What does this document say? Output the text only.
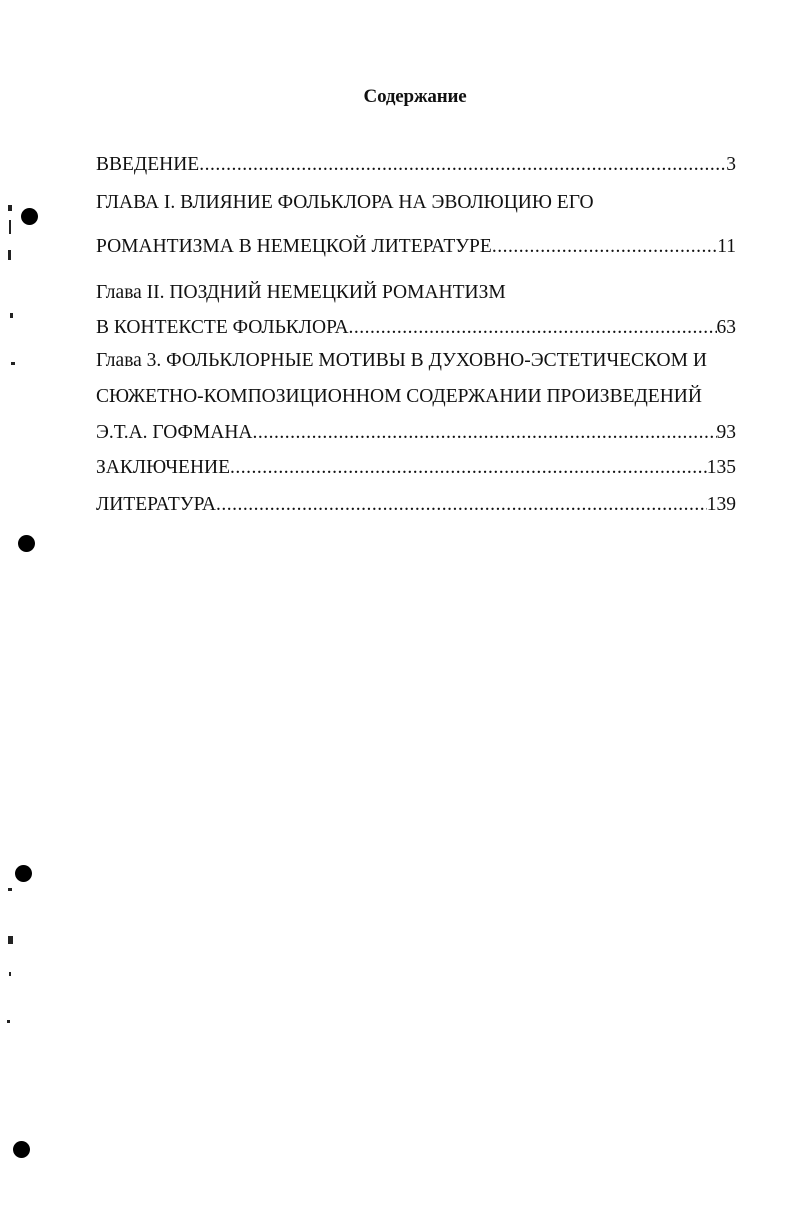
Содержание
ВВЕДЕНИЕ .....	3
ГЛАВА I. ВЛИЯНИЕ ФОЛЬКЛОРА НА ЭВОЛЮЦИЮ ЕГО
РОМАНТИЗМА В НЕМЕЦКОЙ ЛИТЕРАТУРЕ .....	11
Глава II. ПОЗДНИЙ НЕМЕЦКИЙ РОМАНТИЗМ
В КОНТЕКСТЕ ФОЛЬКЛОРА .....	63
Глава 3. ФОЛЬКЛОРНЫЕ МОТИВЫ В ДУХОВНО-ЭСТЕТИЧЕСКОМ И
СЮЖЕТНО-КОМПОЗИЦИОННОМ СОДЕРЖАНИИ ПРОИЗВЕДЕНИЙ
Э.Т.А. ГОФМАНА .....	93
ЗАКЛЮЧЕНИЕ .....	135
ЛИТЕРАТУРА .....	139
